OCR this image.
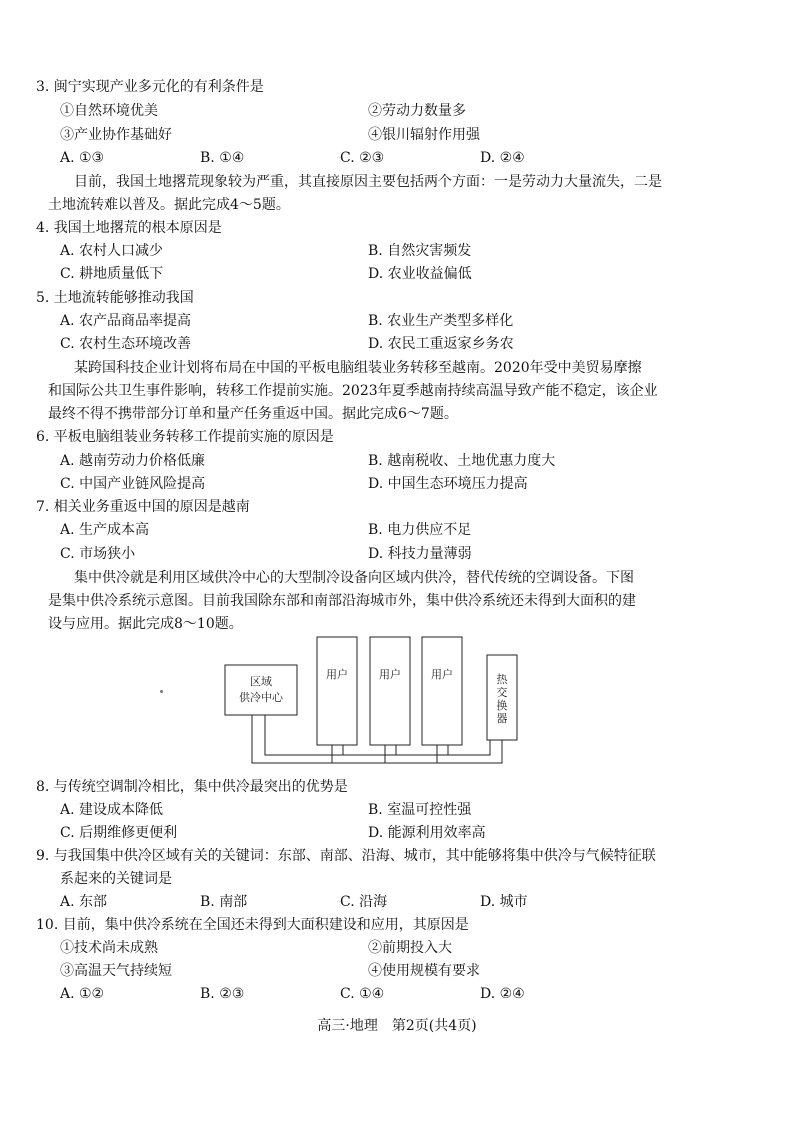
3. 闽宁实现产业多元化的有利条件是
①自然环境优美	②劳动力数量多
③产业协作基础好	④银川辐射作用强
A. ①③	B. ①④	C. ②③	D. ②④
目前，我国土地撂荒现象较为严重，其直接原因主要包括两个方面：一是劳动力大量流失，二是
土地流转难以普及。据此完成4～5题。
4. 我国土地撂荒的根本原因是
A. 农村人口减少	B. 自然灾害频发
C. 耕地质量低下	D. 农业收益偏低
5. 土地流转能够推动我国
A. 农产品商品率提高	B. 农业生产类型多样化
C. 农村生态环境改善	D. 农民工重返家乡务农
某跨国科技企业计划将布局在中国的平板电脑组装业务转移至越南。2020年受中美贸易摩擦
和国际公共卫生事件影响，转移工作提前实施。2023年夏季越南持续高温导致产能不稳定，该企业
最终不得不携带部分订单和量产任务重返中国。据此完成6～7题。
6. 平板电脑组装业务转移工作提前实施的原因是
A. 越南劳动力价格低廉	B. 越南税收、土地优惠力度大
C. 中国产业链风险提高	D. 中国生态环境压力提高
7. 相关业务重返中国的原因是越南
A. 生产成本高	B. 电力供应不足
C. 市场狭小	D. 科技力量薄弱
集中供冷就是利用区域供冷中心的大型制冷设备向区域内供冷，替代传统的空调设备。下图
是集中供冷系统示意图。目前我国除东部和南部沿海城市外，集中供冷系统还未得到大面积的建
设与应用。据此完成8～10题。
区域
供冷中心
用户	用户	用户	热
交
换
器
8. 与传统空调制冷相比，集中供冷最突出的优势是
A. 建设成本降低	B. 室温可控性强
C. 后期维修更便利	D. 能源利用效率高
9. 与我国集中供冷区域有关的关键词：东部、南部、沿海、城市，其中能够将集中供冷与气候特征联
系起来的关键词是
A. 东部	B. 南部	C. 沿海	D. 城市
10. 目前，集中供冷系统在全国还未得到大面积建设和应用，其原因是
①技术尚未成熟	②前期投入大
③高温天气持续短	④使用规模有要求
A. ①②	B. ②③	C. ①④	D. ②④
高三·地理　第2页(共4页)
